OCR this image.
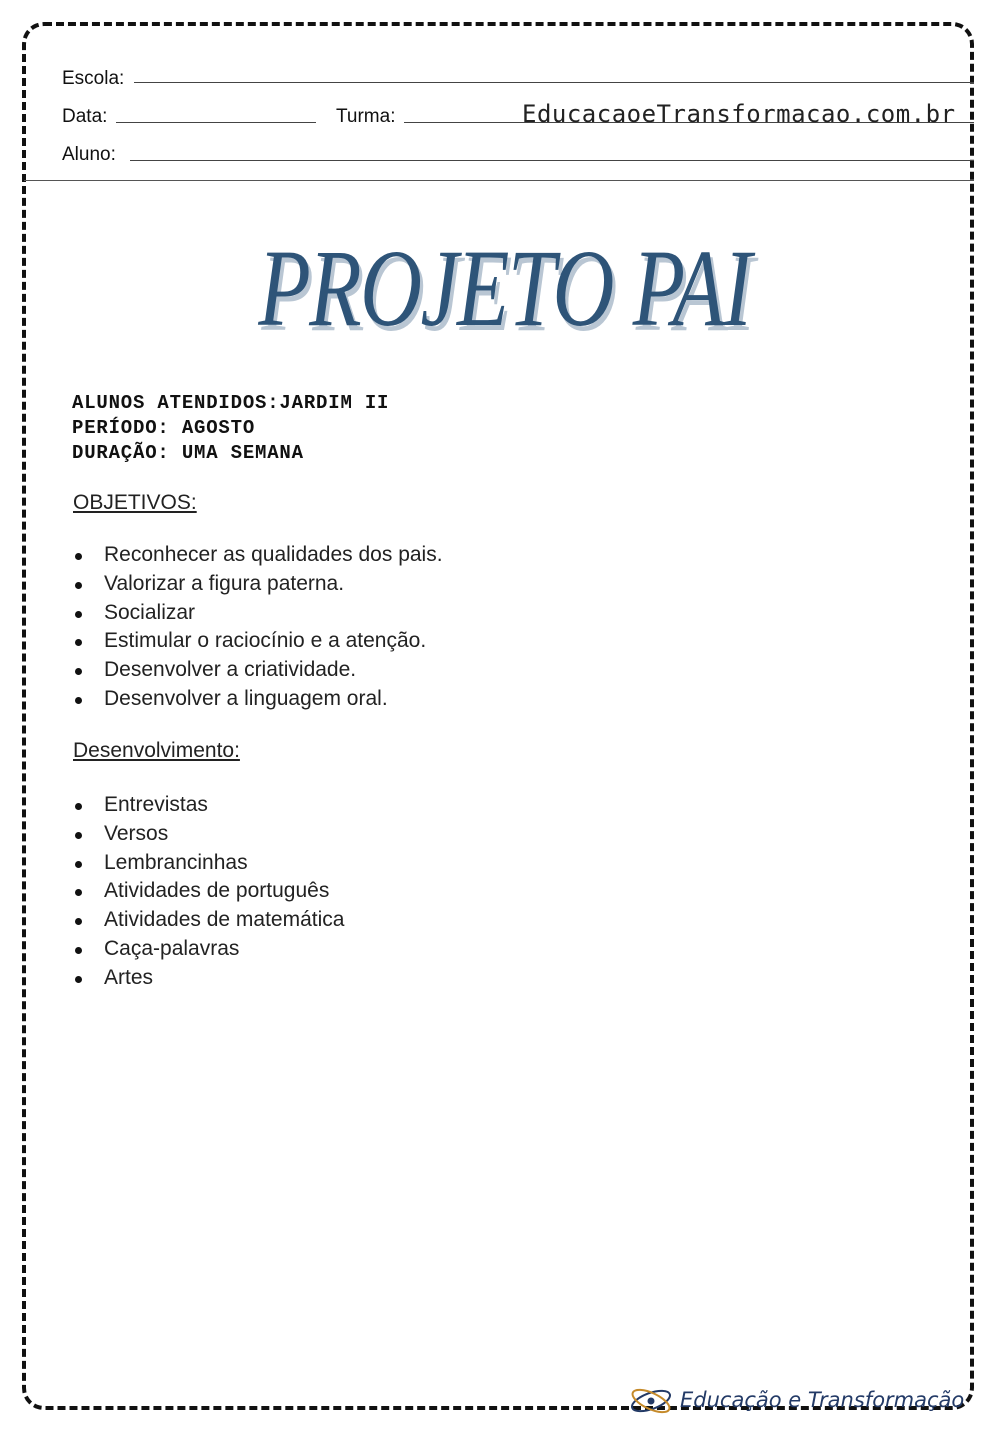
Escola:
Data:	Turma:	EducacaoeTransformacao.com.br
Aluno:
PROJETO PAI
ALUNOS ATENDIDOS:JARDIM II
PERÍODO: AGOSTO
DURAÇÃO: UMA SEMANA
OBJETIVOS:
Reconhecer as qualidades dos pais.
Valorizar a figura paterna.
Socializar
Estimular o raciocínio e a atenção.
Desenvolver a criatividade.
Desenvolver a linguagem oral.
Desenvolvimento:
Entrevistas
Versos
Lembrancinhas
Atividades de português
Atividades de matemática
Caça-palavras
Artes
Educação e Transformação
